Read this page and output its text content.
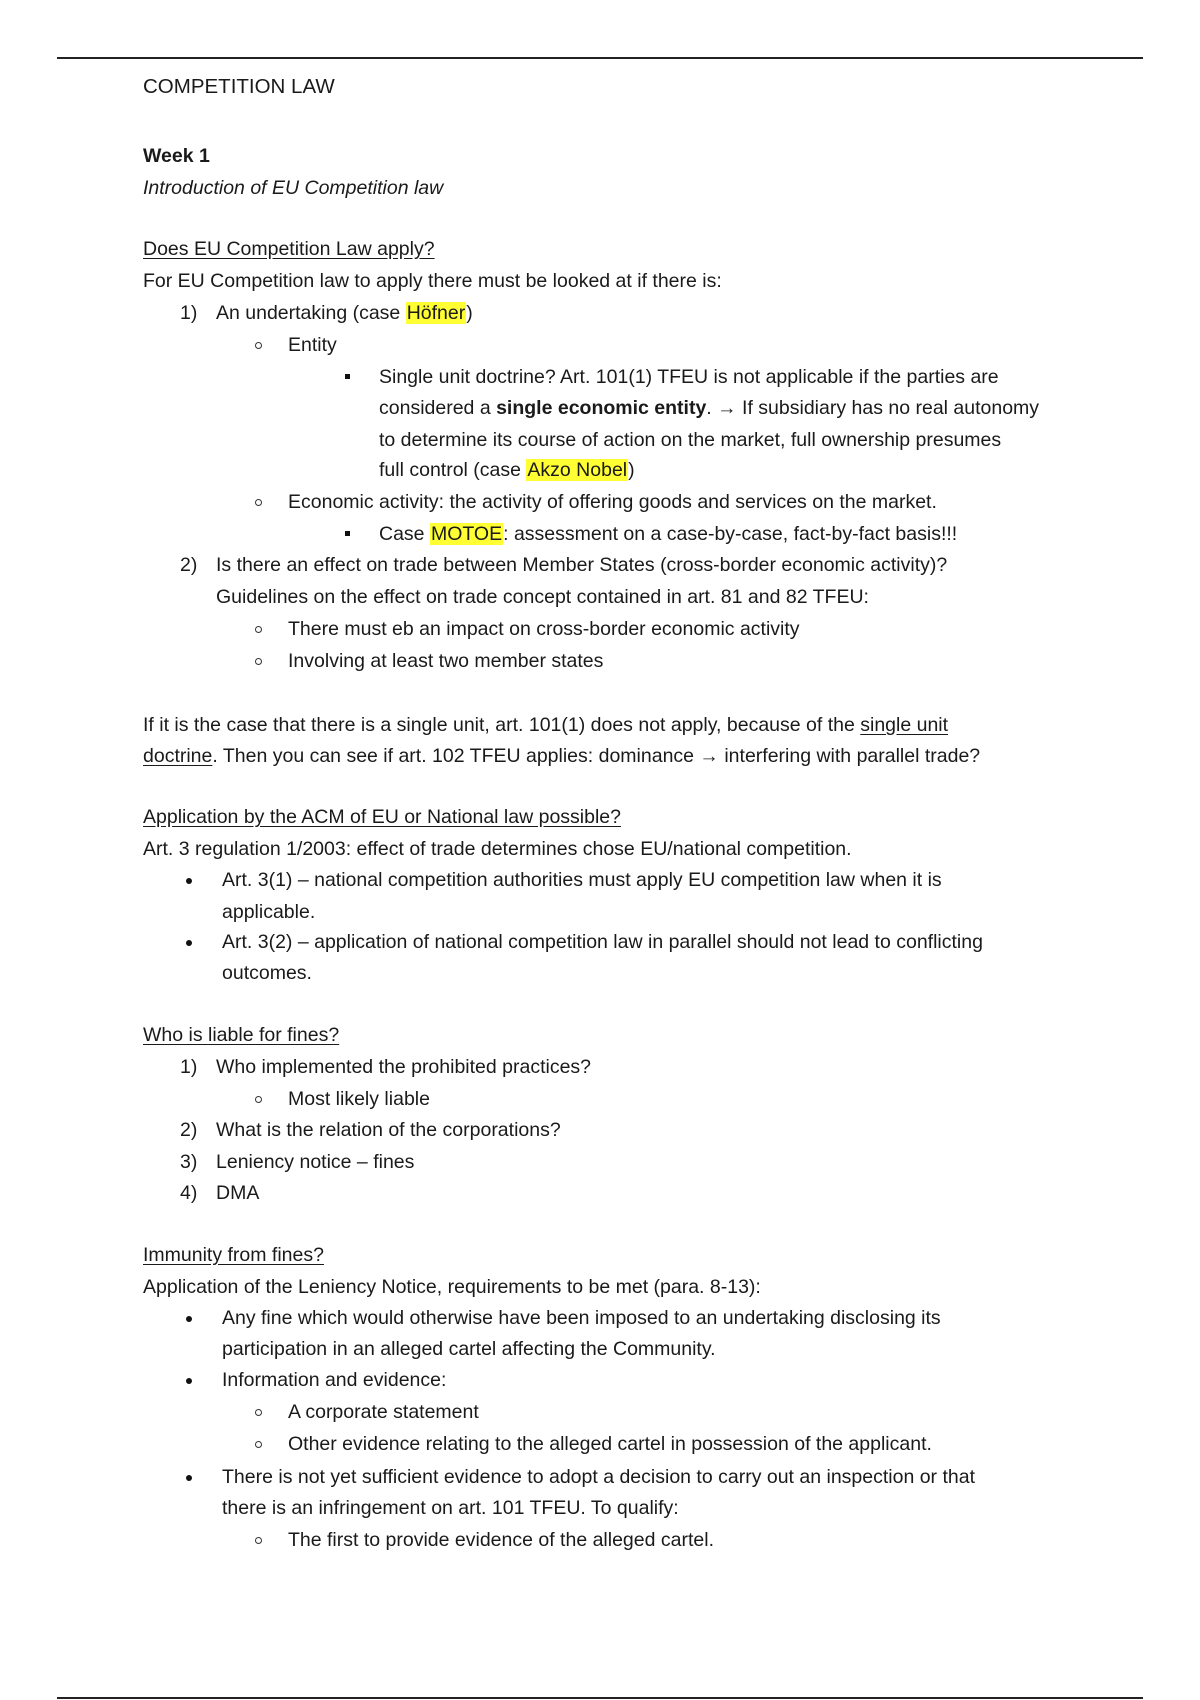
COMPETITION LAW
Week 1
Introduction of EU Competition law
Does EU Competition Law apply?
For EU Competition law to apply there must be looked at if there is:
1) An undertaking (case Höfner)
Entity
Single unit doctrine? Art. 101(1) TFEU is not applicable if the parties are
considered a single economic entity. → If subsidiary has no real autonomy
to determine its course of action on the market, full ownership presumes
full control (case Akzo Nobel)
Economic activity: the activity of offering goods and services on the market.
Case MOTOE: assessment on a case-by-case, fact-by-fact basis!!!
2) Is there an effect on trade between Member States (cross-border economic activity)?
Guidelines on the effect on trade concept contained in art. 81 and 82 TFEU:
There must eb an impact on cross-border economic activity
Involving at least two member states
If it is the case that there is a single unit, art. 101(1) does not apply, because of the single unit
doctrine. Then you can see if art. 102 TFEU applies: dominance → interfering with parallel trade?
Application by the ACM of EU or National law possible?
Art. 3 regulation 1/2003: effect of trade determines chose EU/national competition.
Art. 3(1) – national competition authorities must apply EU competition law when it is
applicable.
Art. 3(2) – application of national competition law in parallel should not lead to conflicting
outcomes.
Who is liable for fines?
1) Who implemented the prohibited practices?
Most likely liable
2) What is the relation of the corporations?
3) Leniency notice – fines
4) DMA
Immunity from fines?
Application of the Leniency Notice, requirements to be met (para. 8-13):
Any fine which would otherwise have been imposed to an undertaking disclosing its
participation in an alleged cartel affecting the Community.
Information and evidence:
A corporate statement
Other evidence relating to the alleged cartel in possession of the applicant.
There is not yet sufficient evidence to adopt a decision to carry out an inspection or that
there is an infringement on art. 101 TFEU. To qualify:
The first to provide evidence of the alleged cartel.
